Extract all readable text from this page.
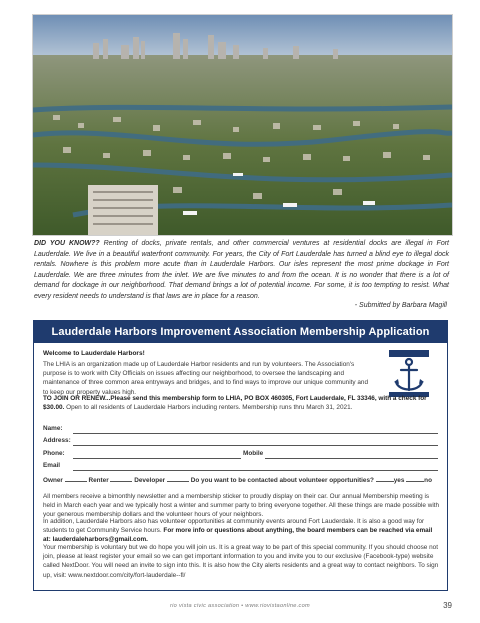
DID YOU KNOW?? Renting of docks, private rentals, and other commercial ventures at residential docks are illegal in Fort Lauderdale. We live in a beautiful waterfront community. For years, the City of Fort Lauderdale has turned a blind eye to illegal dock rentals. Nowhere is this problem more acute than in Lauderdale Harbors. Our isles represent the most prime dockage in Fort Lauderdale. We are three minutes from the inlet. We are five minutes to and from the ocean. It is no wonder that there is a lot of demand for dockage in our neighborhood. That demand brings a lot of potential income. For some, it is too tempting to resist. What every resident needs to understand is that laws are in place for a reason.
- Submitted by Barbara Magill
Lauderdale Harbors Improvement Association Membership Application
Welcome to Lauderdale Harbors!
The LHIA is an organization made up of Lauderdale Harbor residents and run by volunteers. The Association's purpose is to work with City Officials on issues affecting our neighborhood, to oversee the landscaping and maintenance of three common area entryways and bridges, and to find ways to improve our unique community and to keep our property values high.
TO JOIN OR RENEW...Please send this membership form to LHIA, PO BOX 460305, Fort Lauderdale, FL 33346, with a check for $30.00. Open to all residents of Lauderdale Harbors including renters. Membership runs thru March 31, 2021.
Name:
Address:
Phone:	Mobile
Email
Owner	Renter	Developer	Do you want to be contacted about volunteer opportunities?	yes	no
All members receive a bimonthly newsletter and a membership sticker to proudly display on their car. Our annual Membership meeting is held in March each year and we typically host a winter and summer party to bring everyone together. All these things are made possible with your generous membership dollars and the volunteer hours of your neighbors.
In addition, Lauderdale Harbors also has volunteer opportunities at community events around Fort Lauderdale. It is also a good way for students to get Community Service hours. For more info or questions about anything, the board members can be reached via email at: lauderdaleharbors@gmail.com.
Your membership is voluntary but we do hope you will join us. It is a great way to be part of this special community. If you should choose not join, please at least register your email so we can get important information to you and invite you to our exclusive (Facebook-type) website called NextDoor. You will need an invite to sign into this. It is also how the City alerts residents and a great way to contact neighbors. To sign up, visit: www.nextdoor.com/city/fort-lauderdale--fl/
rio vista civic association • www.riovistaonline.com	39
